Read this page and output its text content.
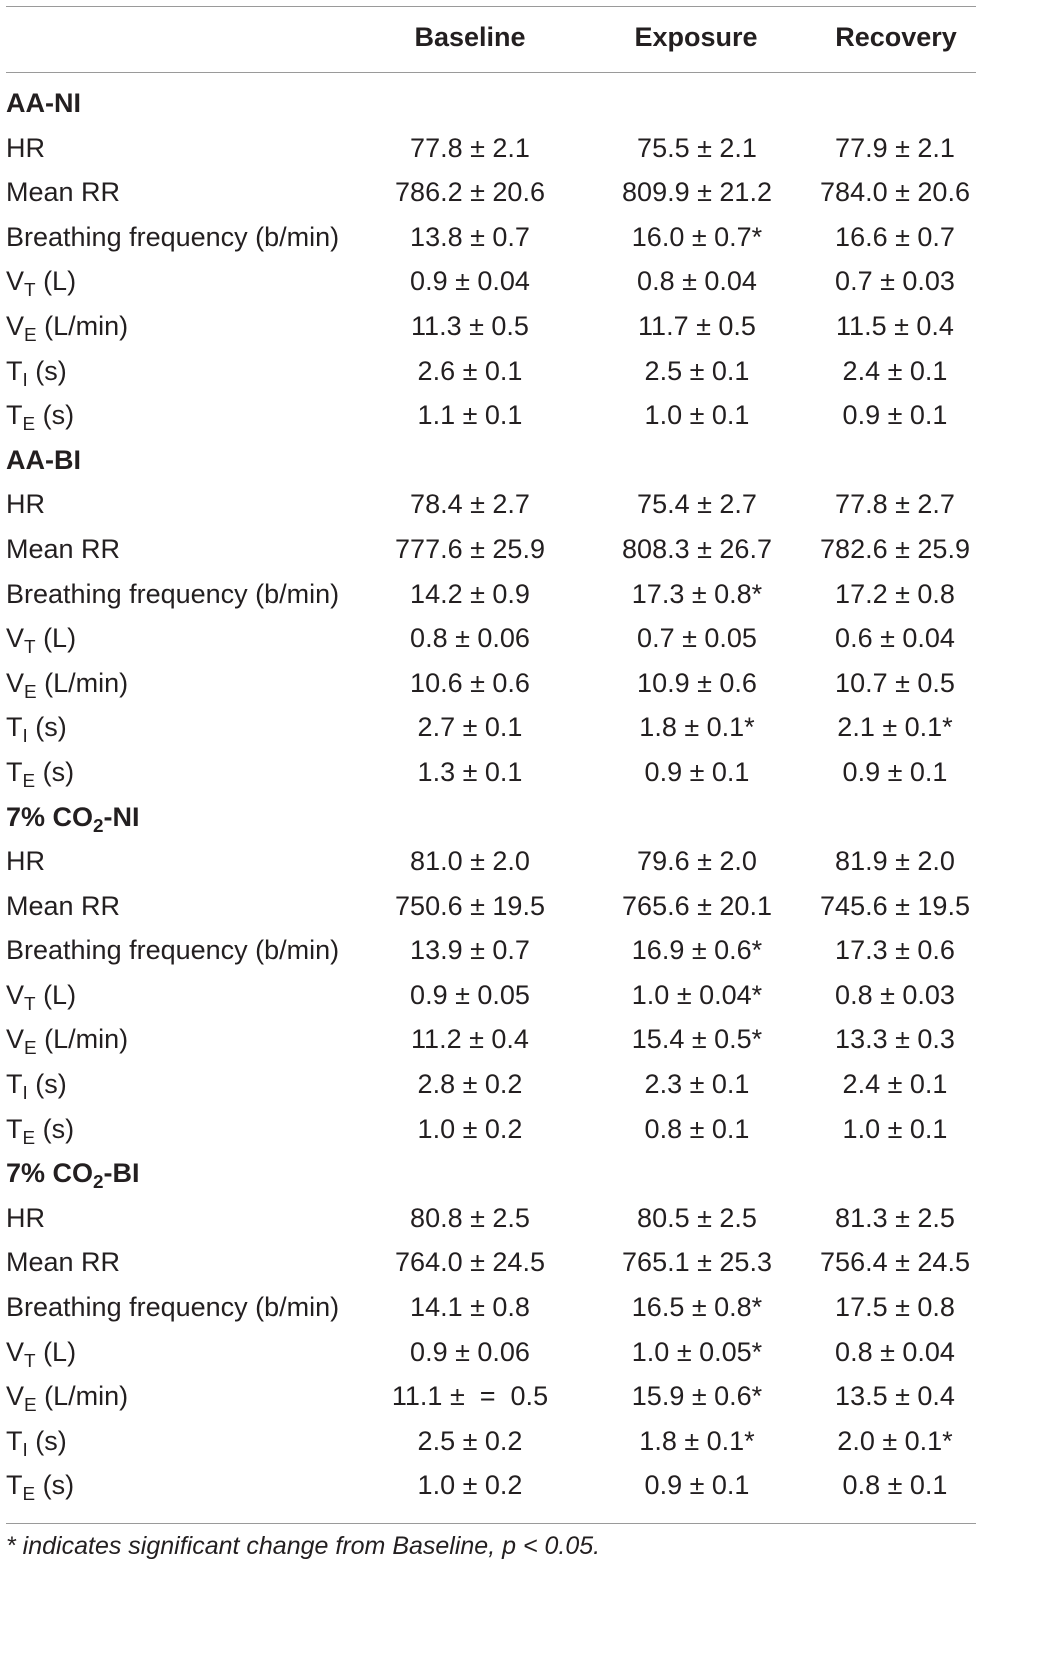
Baseline	Exposure	Recovery
AA-NI
HR	77.8 ± 2.1	75.5 ± 2.1	77.9 ± 2.1
Mean RR	786.2 ± 20.6	809.9 ± 21.2	784.0 ± 20.6
Breathing frequency (b/min)	13.8 ± 0.7	16.0 ± 0.7*	16.6 ± 0.7
$V_T$ (L)	0.9 ± 0.04	0.8 ± 0.04	0.7 ± 0.03
$V_E$ (L/min)	11.3 ± 0.5	11.7 ± 0.5	11.5 ± 0.4
$T_I$ (s)	2.6 ± 0.1	2.5 ± 0.1	2.4 ± 0.1
$T_E$ (s)	1.1 ± 0.1	1.0 ± 0.1	0.9 ± 0.1
AA-BI
HR	78.4 ± 2.7	75.4 ± 2.7	77.8 ± 2.7
Mean RR	777.6 ± 25.9	808.3 ± 26.7	782.6 ± 25.9
Breathing frequency (b/min)	14.2 ± 0.9	17.3 ± 0.8*	17.2 ± 0.8
$V_T$ (L)	0.8 ± 0.06	0.7 ± 0.05	0.6 ± 0.04
$V_E$ (L/min)	10.6 ± 0.6	10.9 ± 0.6	10.7 ± 0.5
$T_I$ (s)	2.7 ± 0.1	1.8 ± 0.1*	2.1 ± 0.1*
$T_E$ (s)	1.3 ± 0.1	0.9 ± 0.1	0.9 ± 0.1
7% $CO_2-NI$
HR	81.0 ± 2.0	79.6 ± 2.0	81.9 ± 2.0
Mean RR	750.6 ± 19.5	765.6 ± 20.1	745.6 ± 19.5
Breathing frequency (b/min)	13.9 ± 0.7	16.9 ± 0.6*	17.3 ± 0.6
$V_T$ (L)	0.9 ± 0.05	1.0 ± 0.04*	0.8 ± 0.03
$V_E$ (L/min)	11.2 ± 0.4	15.4 ± 0.5*	13.3 ± 0.3
$T_I$ (s)	2.8 ± 0.2	2.3 ± 0.1	2.4 ± 0.1
$T_E$ (s)	1.0 ± 0.2	0.8 ± 0.1	1.0 ± 0.1
7% $CO_2-BI$
HR	80.8 ± 2.5	80.5 ± 2.5	81.3 ± 2.5
Mean RR	764.0 ± 24.5	765.1 ± 25.3	756.4 ± 24.5
Breathing frequency (b/min)	14.1 ± 0.8	16.5 ± 0.8*	17.5 ± 0.8
$V_T$ (L)	0.9 ± 0.06	1.0 ± 0.05*	0.8 ± 0.04
$V_E$ (L/min)	11.1 ±  =  0.5	15.9 ± 0.6*	13.5 ± 0.4
$T_I$ (s)	2.5 ± 0.2	1.8 ± 0.1*	2.0 ± 0.1*
$T_E$ (s)	1.0 ± 0.2	0.9 ± 0.1	0.8 ± 0.1
* indicates significant change from Baseline, p < 0.05.
